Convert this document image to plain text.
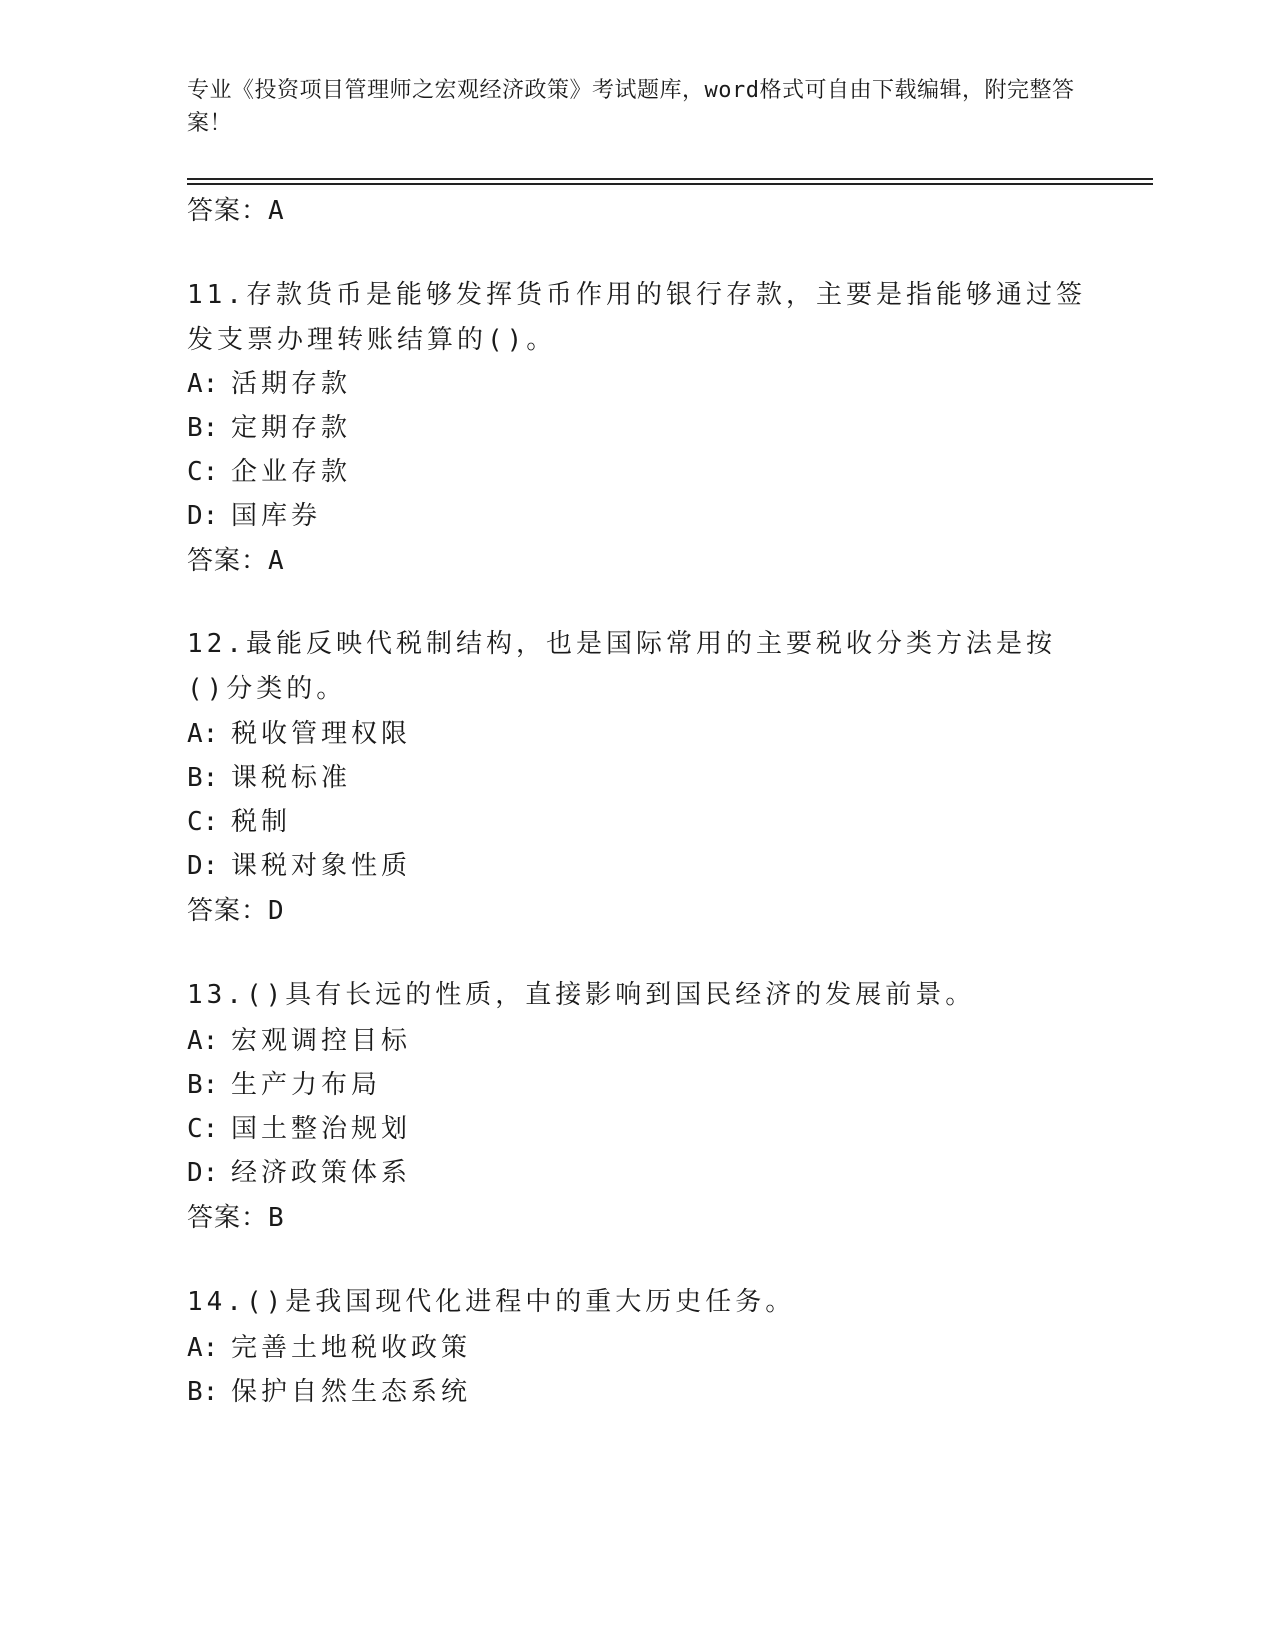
专业《投资项目管理师之宏观经济政策》考试题库，word格式可自由下载编辑，附完整答案！
答案：A
11.存款货币是能够发挥货币作用的银行存款，主要是指能够通过签发支票办理转账结算的()。
A: 活期存款
B: 定期存款
C: 企业存款
D: 国库券
答案：A
12.最能反映代税制结构，也是国际常用的主要税收分类方法是按()分类的。
A: 税收管理权限
B: 课税标准
C: 税制
D: 课税对象性质
答案：D
13.()具有长远的性质，直接影响到国民经济的发展前景。
A: 宏观调控目标
B: 生产力布局
C: 国土整治规划
D: 经济政策体系
答案：B
14.()是我国现代化进程中的重大历史任务。
A: 完善土地税收政策
B: 保护自然生态系统
